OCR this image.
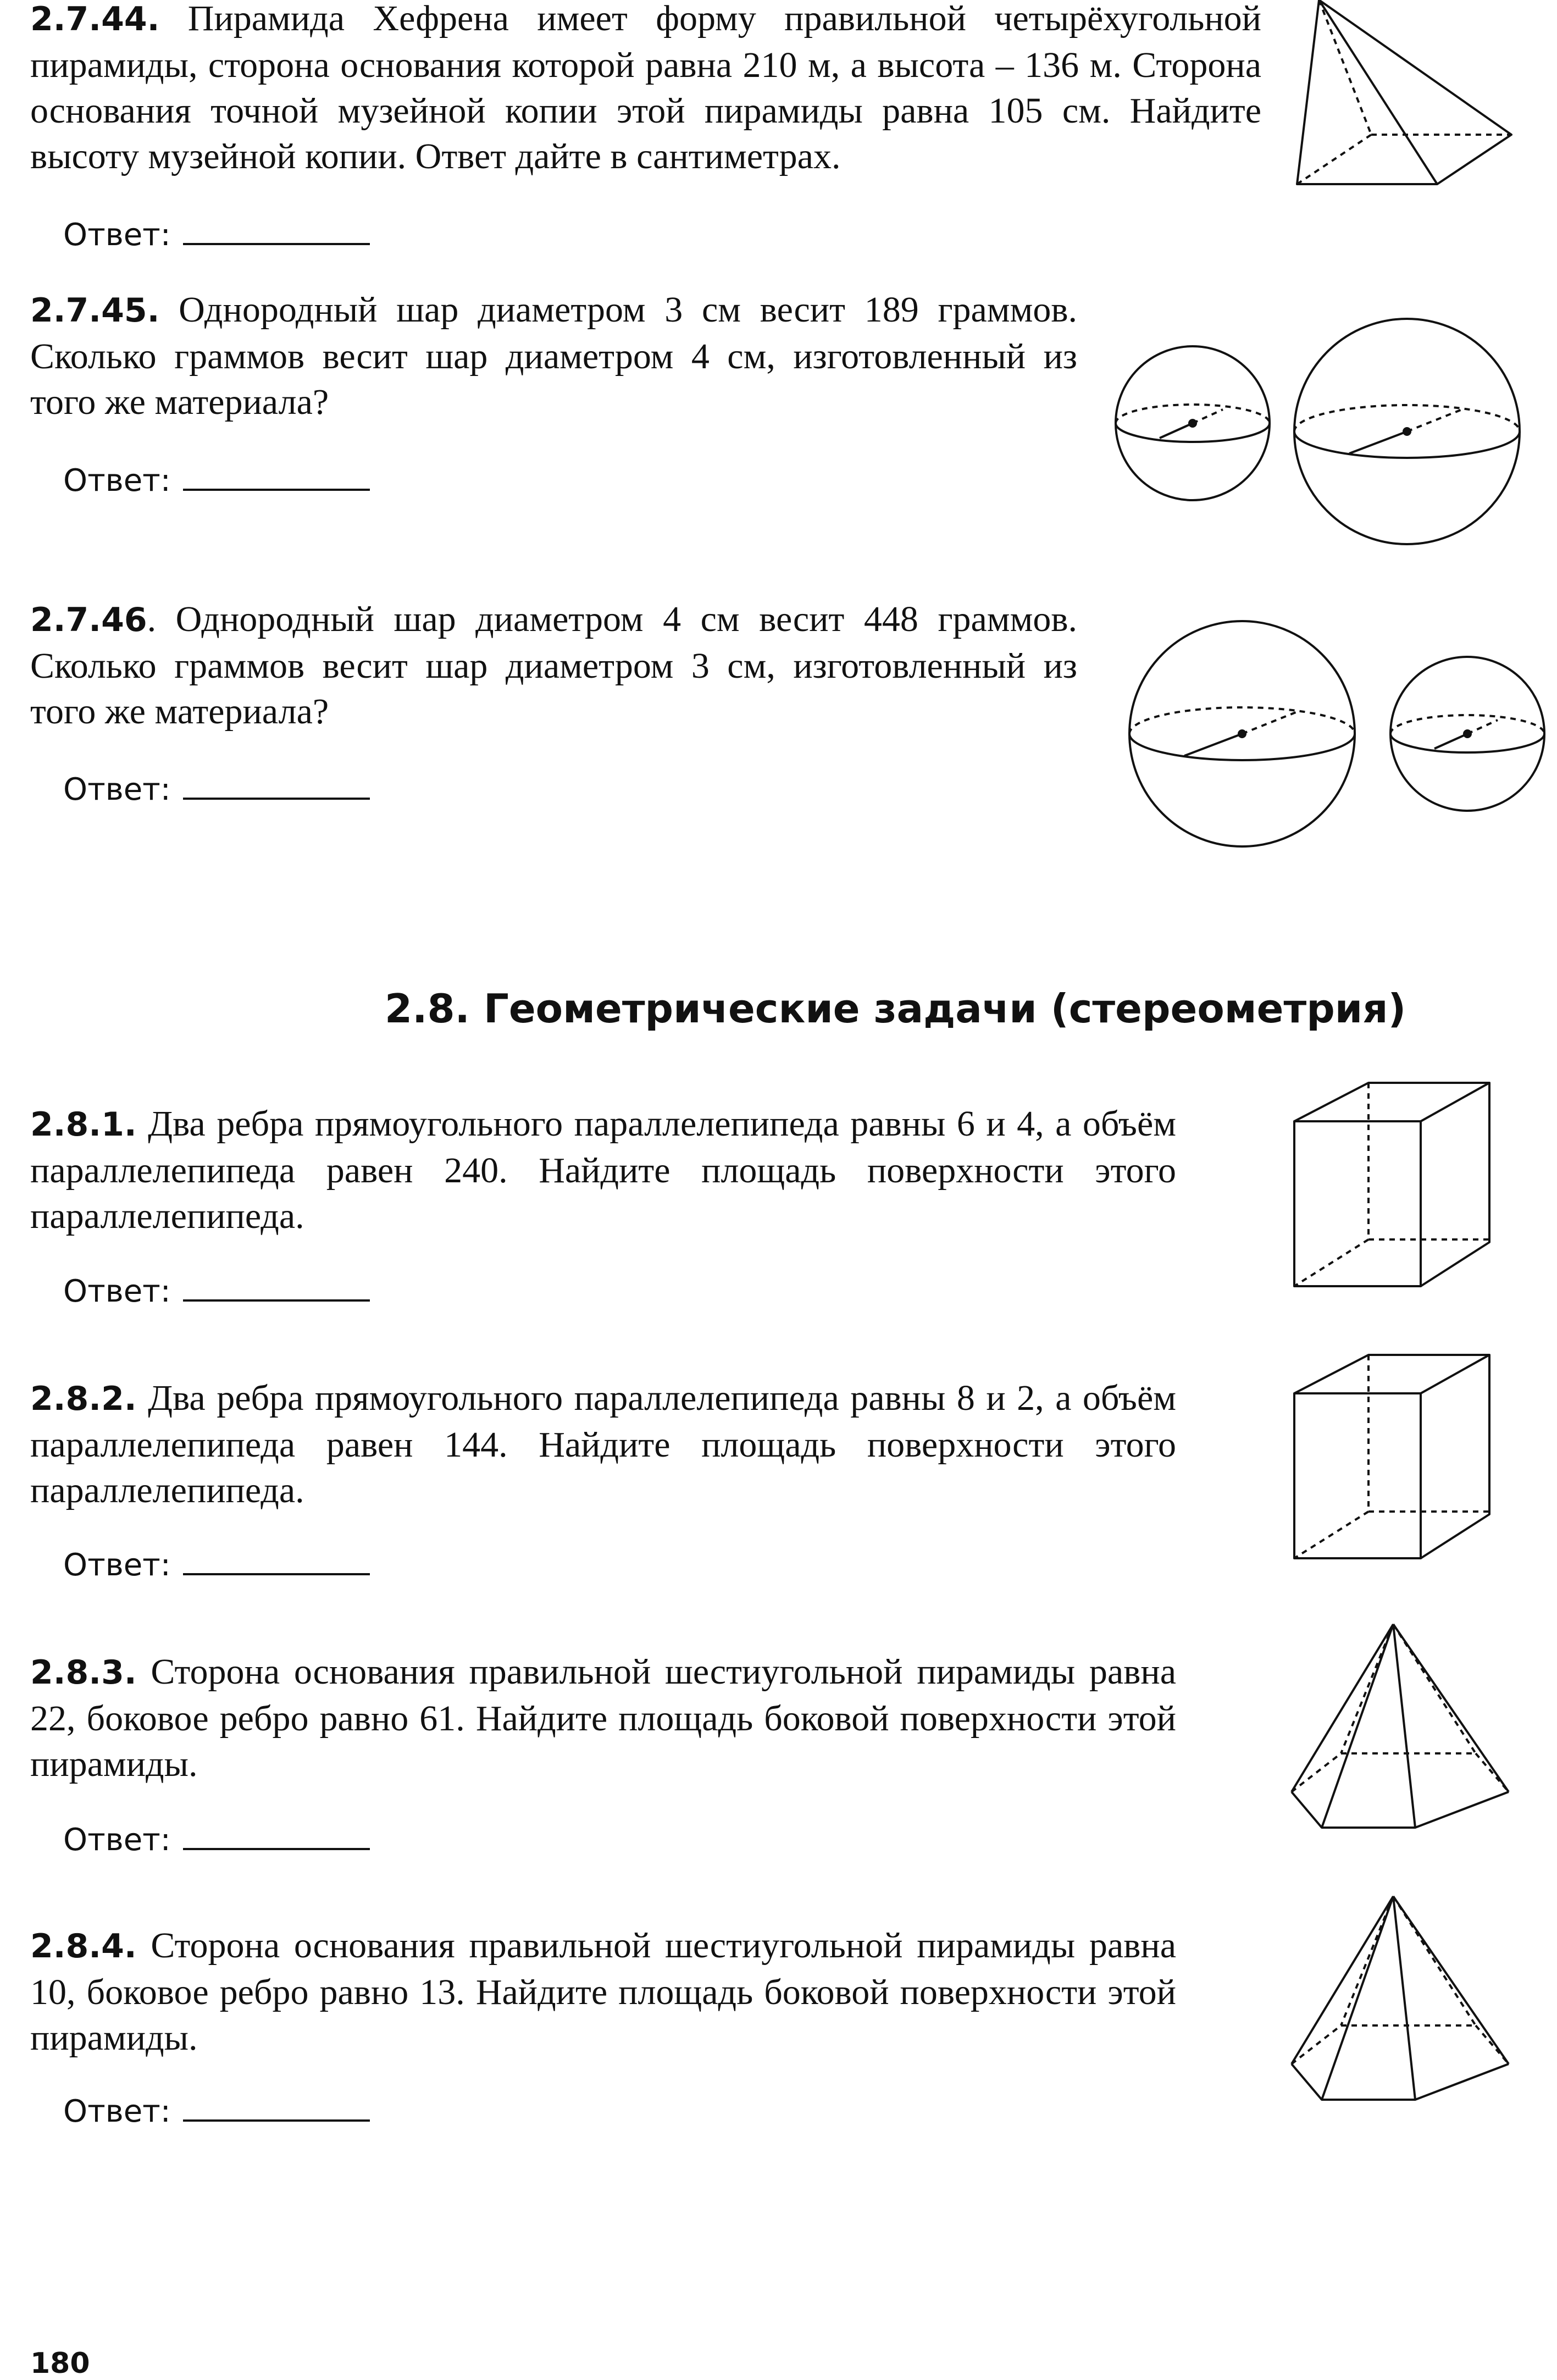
2.7.44. Пирамида Хефрена имеет форму правильной четырёхугольной пирамиды, сторона основания которой равна 210 м, а высота – 136 м. Сторона основания точной музейной копии этой пирамиды равна 105 см. Найдите высоту музейной копии. Ответ дайте в сантиметрах.

Ответ:

2.7.45. Однородный шар диаметром 3 см весит 189 граммов. Сколько граммов весит шар диаметром 4 см, изготовленный из того же материала?

Ответ:

2.7.46. Однородный шар диаметром 4 см весит 448 граммов. Сколько граммов весит шар диаметром 3 см, изготовленный из того же материала?

Ответ:
2.8. Геометрические задачи (стереометрия)

2.8.1. Два ребра прямоугольного параллелепипеда равны 6 и 4, а объём параллелепипеда равен 240. Найдите площадь поверхности этого параллелепипеда.

Ответ:

2.8.2. Два ребра прямоугольного параллелепипеда равны 8 и 2, а объём параллелепипеда равен 144. Найдите площадь поверхности этого параллелепипеда.

Ответ:

2.8.3. Сторона основания правильной шестиугольной пирамиды равна 22, боковое ребро равно 61. Найдите площадь боковой поверхности этой пирамиды.

Ответ:

2.8.4. Сторона основания правильной шестиугольной пирамиды равна 10, боковое ребро равно 13. Найдите площадь боковой поверхности этой пирамиды.

Ответ:
180
